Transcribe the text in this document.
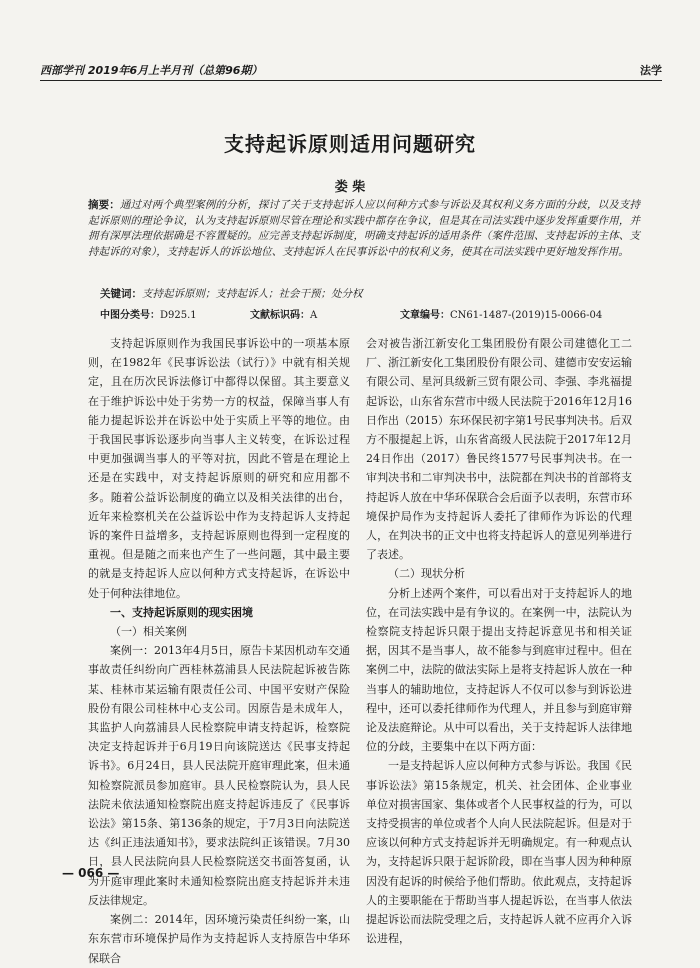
西部学刊 2019年6月上半月刊（总第96期）	法学
支持起诉原则适用问题研究
娄 柴
摘要：通过对两个典型案例的分析，探讨了关于支持起诉人应以何种方式参与诉讼及其权利义务方面的分歧，以及支持起诉原则的理论争议，认为支持起诉原则尽管在理论和实践中都存在争议，但是其在司法实践中逐步发挥重要作用，并拥有深厚法理依据确是不容置疑的。应完善支持起诉制度，明确支持起诉的适用条件（案件范围、支持起诉的主体、支持起诉的对象），支持起诉人的诉讼地位、支持起诉人在民事诉讼中的权利义务，使其在司法实践中更好地发挥作用。
关键词：支持起诉原则；支持起诉人；社会干预；处分权
中图分类号：D925.1	文献标识码：A	文章编号：CN61-1487-(2019)15-0066-04

支持起诉原则作为我国民事诉讼中的一项基本原则，在1982年《民事诉讼法（试行）》中就有相关规定，且在历次民诉法修订中都得以保留。其主要意义在于维护诉讼中处于劣势一方的权益，保障当事人有能力提起诉讼并在诉讼中处于实质上平等的地位。由于我国民事诉讼逐步向当事人主义转变，在诉讼过程中更加强调当事人的平等对抗，因此不管是在理论上还是在实践中，对支持起诉原则的研究和应用都不多。随着公益诉讼制度的确立以及相关法律的出台，近年来检察机关在公益诉讼中作为支持起诉人支持起诉的案件日益增多，支持起诉原则也得到一定程度的重视。但是随之而来也产生了一些问题，其中最主要的就是支持起诉人应以何种方式支持起诉，在诉讼中处于何种法律地位。

一、支持起诉原则的现实困境
（一）相关案例

案例一：2013年4月5日，原告卡某因机动车交通事故责任纠纷向广西桂林荔浦县人民法院起诉被告陈某、桂林市某运输有限责任公司、中国平安财产保险股份有限公司桂林中心支公司。因原告是未成年人，其监护人向荔浦县人民检察院申请支持起诉，检察院决定支持起诉并于6月19日向该院送达《民事支持起诉书》。6月24日，县人民法院开庭审理此案，但未通知检察院派员参加庭审。县人民检察院认为，县人民法院未依法通知检察院出庭支持起诉违反了《民事诉讼法》第15条、第136条的规定，于7月3日向法院送达《纠正违法通知书》，要求法院纠正该错误。7月30日，县人民法院向县人民检察院送交书面答复函，认为开庭审理此案时未通知检察院出庭支持起诉并未违反法律规定。

案例二：2014年，因环境污染责任纠纷一案，山东东营市环境保护局作为支持起诉人支持原告中华环保联合

会对被告浙江新安化工集团股份有限公司建德化工二厂、浙江新安化工集团股份有限公司、建德市安安运输有限公司、星河具级新三贸有限公司、李强、李兆福提起诉讼，山东省东营市中级人民法院于2016年12月16日作出（2015）东环保民初字第1号民事判决书。后双方不服提起上诉，山东省高级人民法院于2017年12月24日作出（2017）鲁民终1577号民事判决书。在一审判决书和二审判决书中，法院都在判决书的首部将支持起诉人放在中华环保联合会后面予以表明，东营市环境保护局作为支持起诉人委托了律师作为诉讼的代理人，在判决书的正文中也将支持起诉人的意见列举进行了表述。

（二）现状分析

分析上述两个案件，可以看出对于支持起诉人的地位，在司法实践中是有争议的。在案例一中，法院认为检察院支持起诉只限于提出支持起诉意见书和相关证据，因其不是当事人，故不能参与到庭审过程中。但在案例二中，法院的做法实际上是将支持起诉人放在一种当事人的辅助地位，支持起诉人不仅可以参与到诉讼进程中，还可以委托律师作为代理人，并且参与到庭审辩论及法庭辩论。从中可以看出，关于支持起诉人法律地位的分歧，主要集中在以下两方面：

一是支持起诉人应以何种方式参与诉讼。我国《民事诉讼法》第15条规定，机关、社会团体、企业事业单位对损害国家、集体或者个人民事权益的行为，可以支持受损害的单位或者个人向人民法院起诉。但是对于应该以何种方式支持起诉并无明确规定。有一种观点认为，支持起诉只限于起诉阶段，即在当事人因为种种原因没有起诉的时候给予他们帮助。依此观点，支持起诉人的主要职能在于帮助当事人提起诉讼，在当事人依法提起诉讼而法院受理之后，支持起诉人就不应再介入诉讼进程，

— 066 —
